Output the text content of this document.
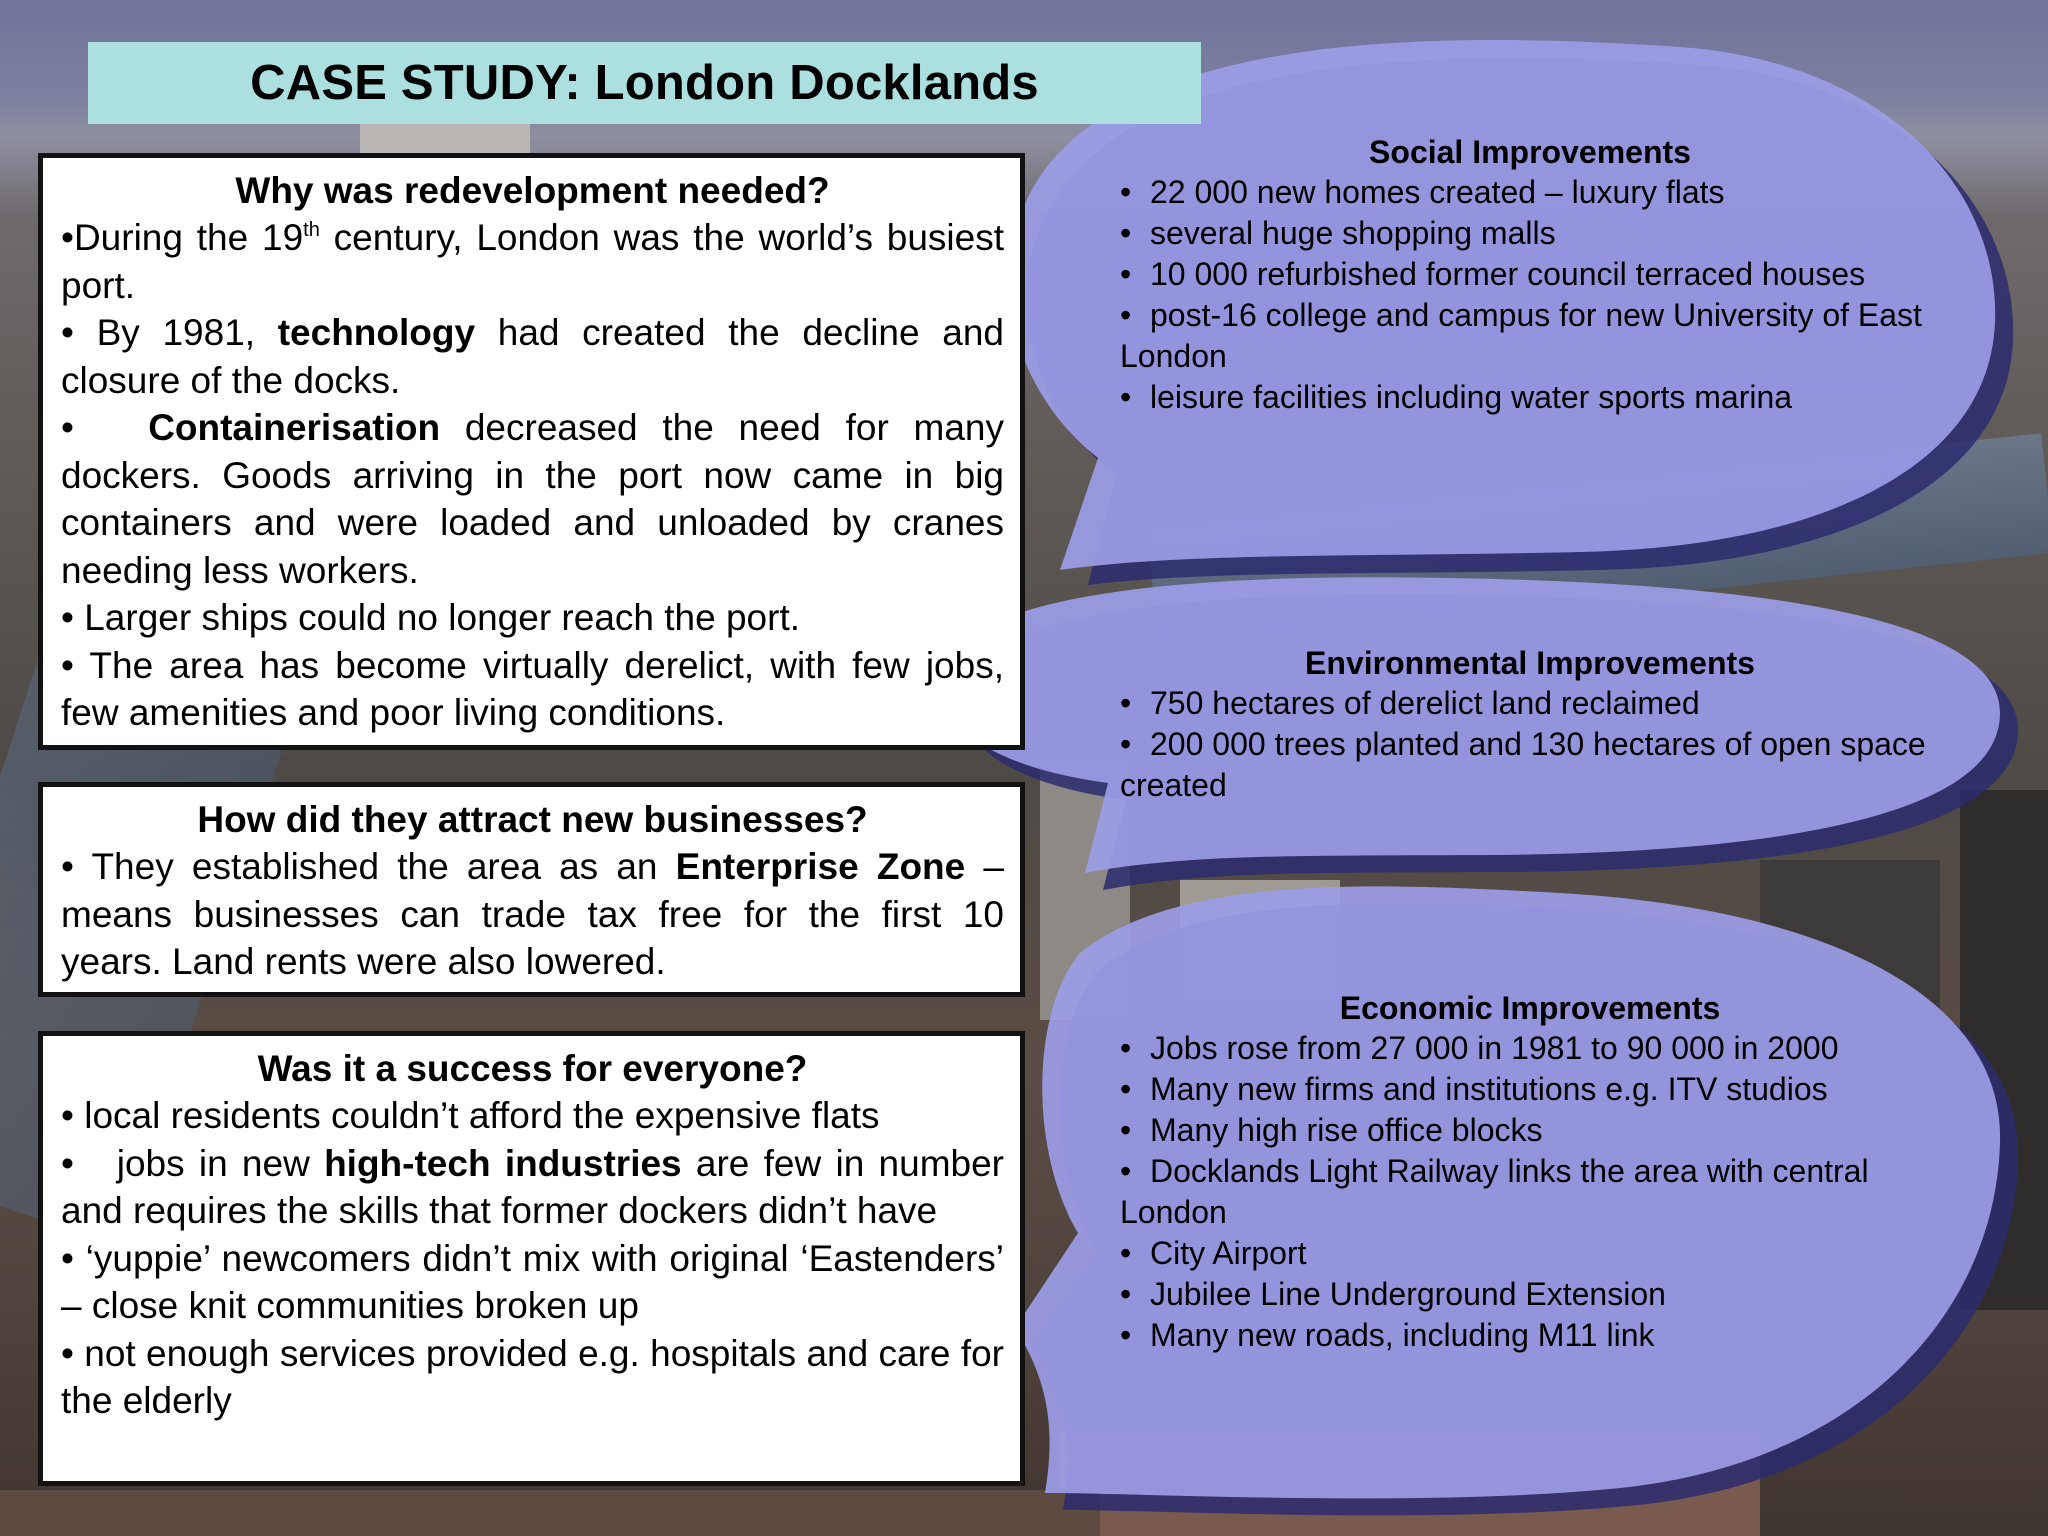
CASE STUDY: London Docklands
Why was redevelopment needed?

•During the 19th century, London was the world’s busiest port.

• By 1981, technology had created the decline and closure of the docks.

•   Containerisation decreased the need for many dockers. Goods arriving in the port now came in big containers and were loaded and unloaded by cranes needing less workers.

• Larger ships could no longer reach the port.

• The area has become virtually derelict, with few jobs, few amenities and poor living conditions.

How did they attract new businesses?

• They established the area as an Enterprise Zone – means businesses can trade tax free for the first 10 years. Land rents were also lowered.

Was it a success for everyone?

• local residents couldn’t afford the expensive flats

•   jobs in new high-tech industries are few in number and requires the skills that former dockers didn’t have

• ‘yuppie’ newcomers didn’t mix with original ‘Eastenders’ – close knit communities broken up

• not enough services provided e.g. hospitals and care for the elderly

Social Improvements
• 22 000 new homes created – luxury flats
• several huge shopping malls
• 10 000 refurbished former council terraced houses
• post-16 college and campus for new University of East London
• leisure facilities including water sports marina
Environmental Improvements
• 750 hectares of derelict land reclaimed
• 200 000 trees planted and 130 hectares of open space created
Economic Improvements
• Jobs rose from 27 000 in 1981 to 90 000 in 2000
• Many new firms and institutions e.g. ITV studios
• Many high rise office blocks
• Docklands Light Railway links the area with central London
• City Airport
• Jubilee Line Underground Extension
• Many new roads, including M11 link
